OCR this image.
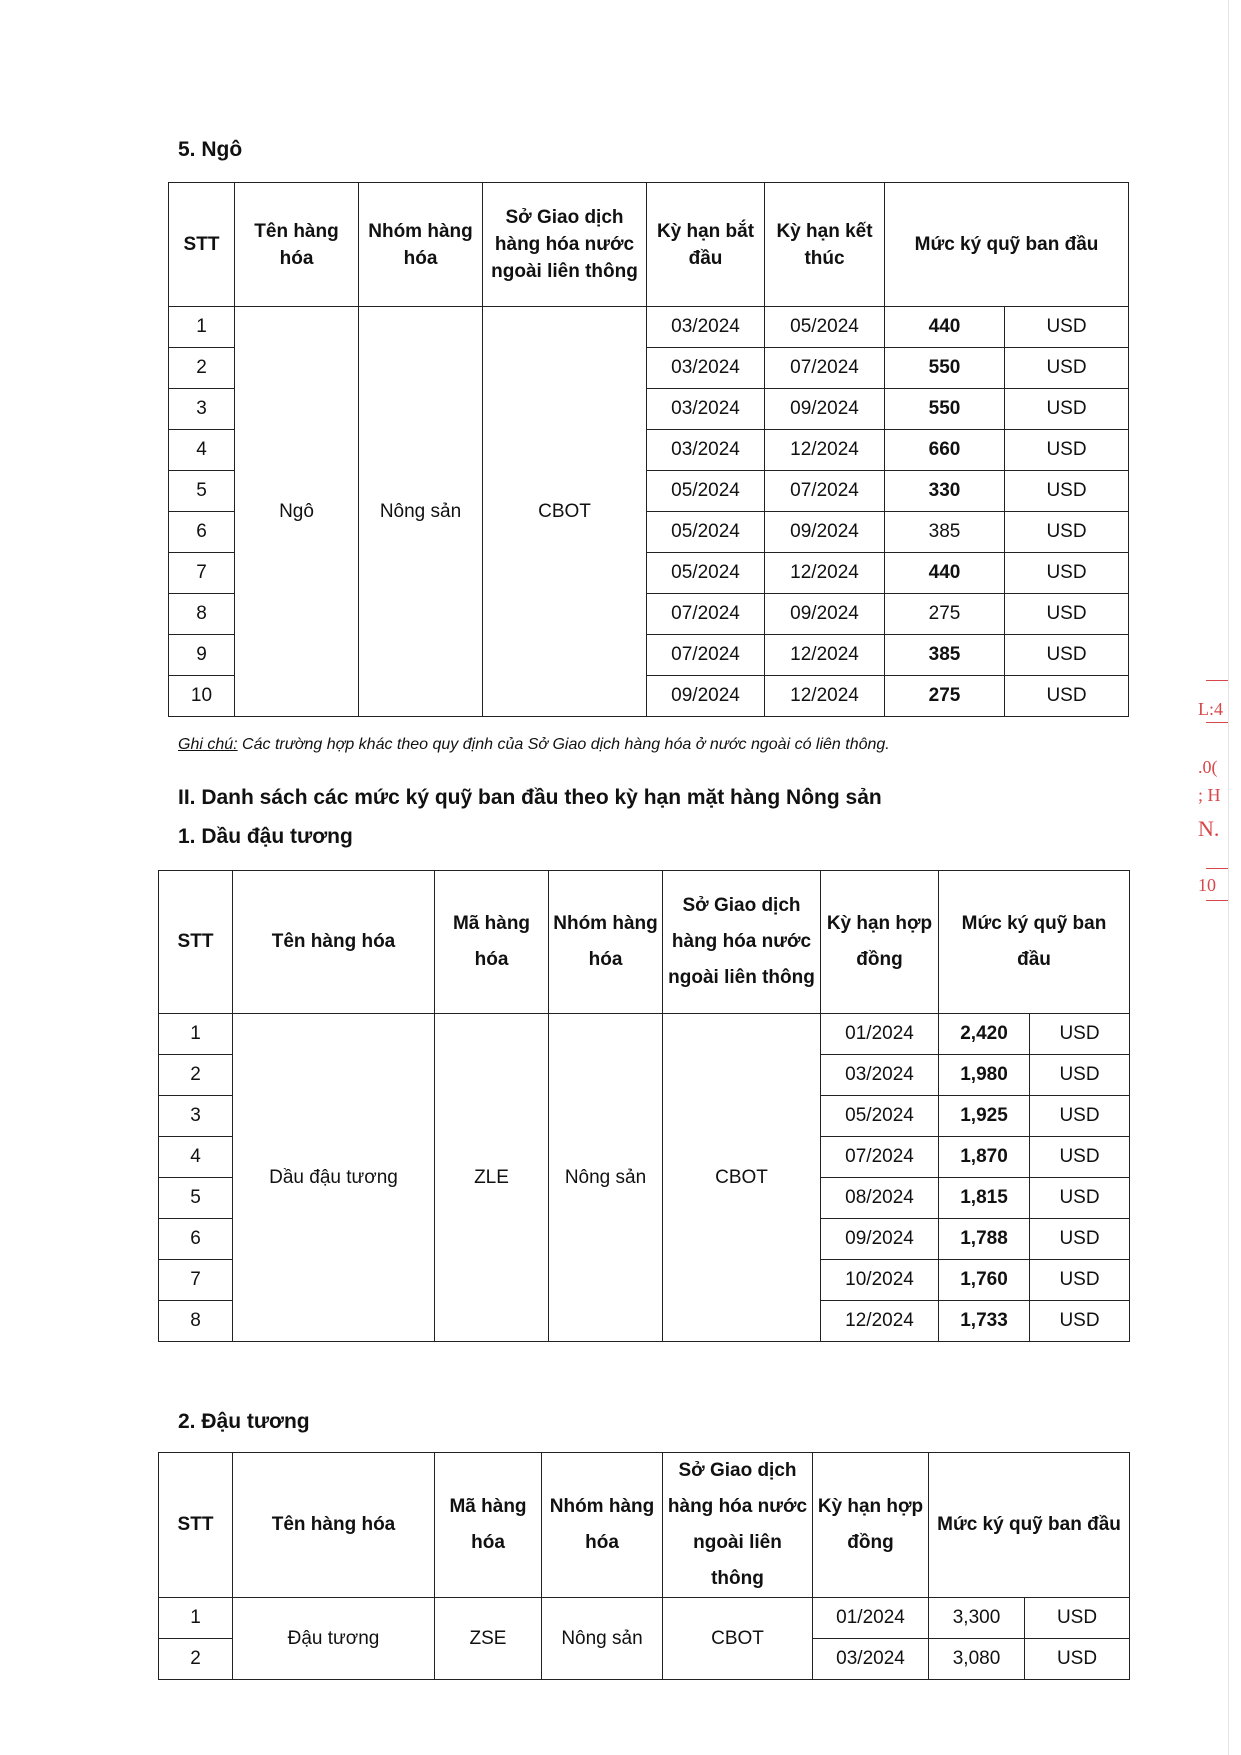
L:4
.0(
; H
N.
10
5. Ngô
STT	Tên hàng hóa	Nhóm hàng hóa	Sở Giao dịch hàng hóa nước ngoài liên thông	Kỳ hạn bắt đầu	Kỳ hạn kết thúc	Mức ký quỹ ban đầu	
1	Ngô	Nông sản	CBOT	03/2024	05/2024	440	USD
2				03/2024	07/2024	550	USD
3				03/2024	09/2024	550	USD
4				03/2024	12/2024	660	USD
5				05/2024	07/2024	330	USD
6				05/2024	09/2024	385	USD
7				05/2024	12/2024	440	USD
8				07/2024	09/2024	275	USD
9				07/2024	12/2024	385	USD
10				09/2024	12/2024	275	USD

Ghi chú: Các trường hợp khác theo quy định của Sở Giao dịch hàng hóa ở nước ngoài có liên thông.

II. Danh sách các mức ký quỹ ban đầu theo kỳ hạn mặt hàng Nông sản
1. Dầu đậu tương
STT	Tên hàng hóa	Mã hàng hóa	Nhóm hàng hóa	Sở Giao dịch hàng hóa nước ngoài liên thông	Kỳ hạn hợp đồng	Mức ký quỹ ban đầu	
1	Dầu đậu tương	ZLE	Nông sản	CBOT	01/2024	2,420	USD
2					03/2024	1,980	USD
3					05/2024	1,925	USD
4					07/2024	1,870	USD
5					08/2024	1,815	USD
6					09/2024	1,788	USD
7					10/2024	1,760	USD
8					12/2024	1,733	USD
2. Đậu tương
STT	Tên hàng hóa	Mã hàng hóa	Nhóm hàng hóa	Sở Giao dịch hàng hóa nước ngoài liên thông	Kỳ hạn hợp đồng	Mức ký quỹ ban đầu	
1	Đậu tương	ZSE	Nông sản	CBOT	01/2024	3,300	USD
2					03/2024	3,080	USD
